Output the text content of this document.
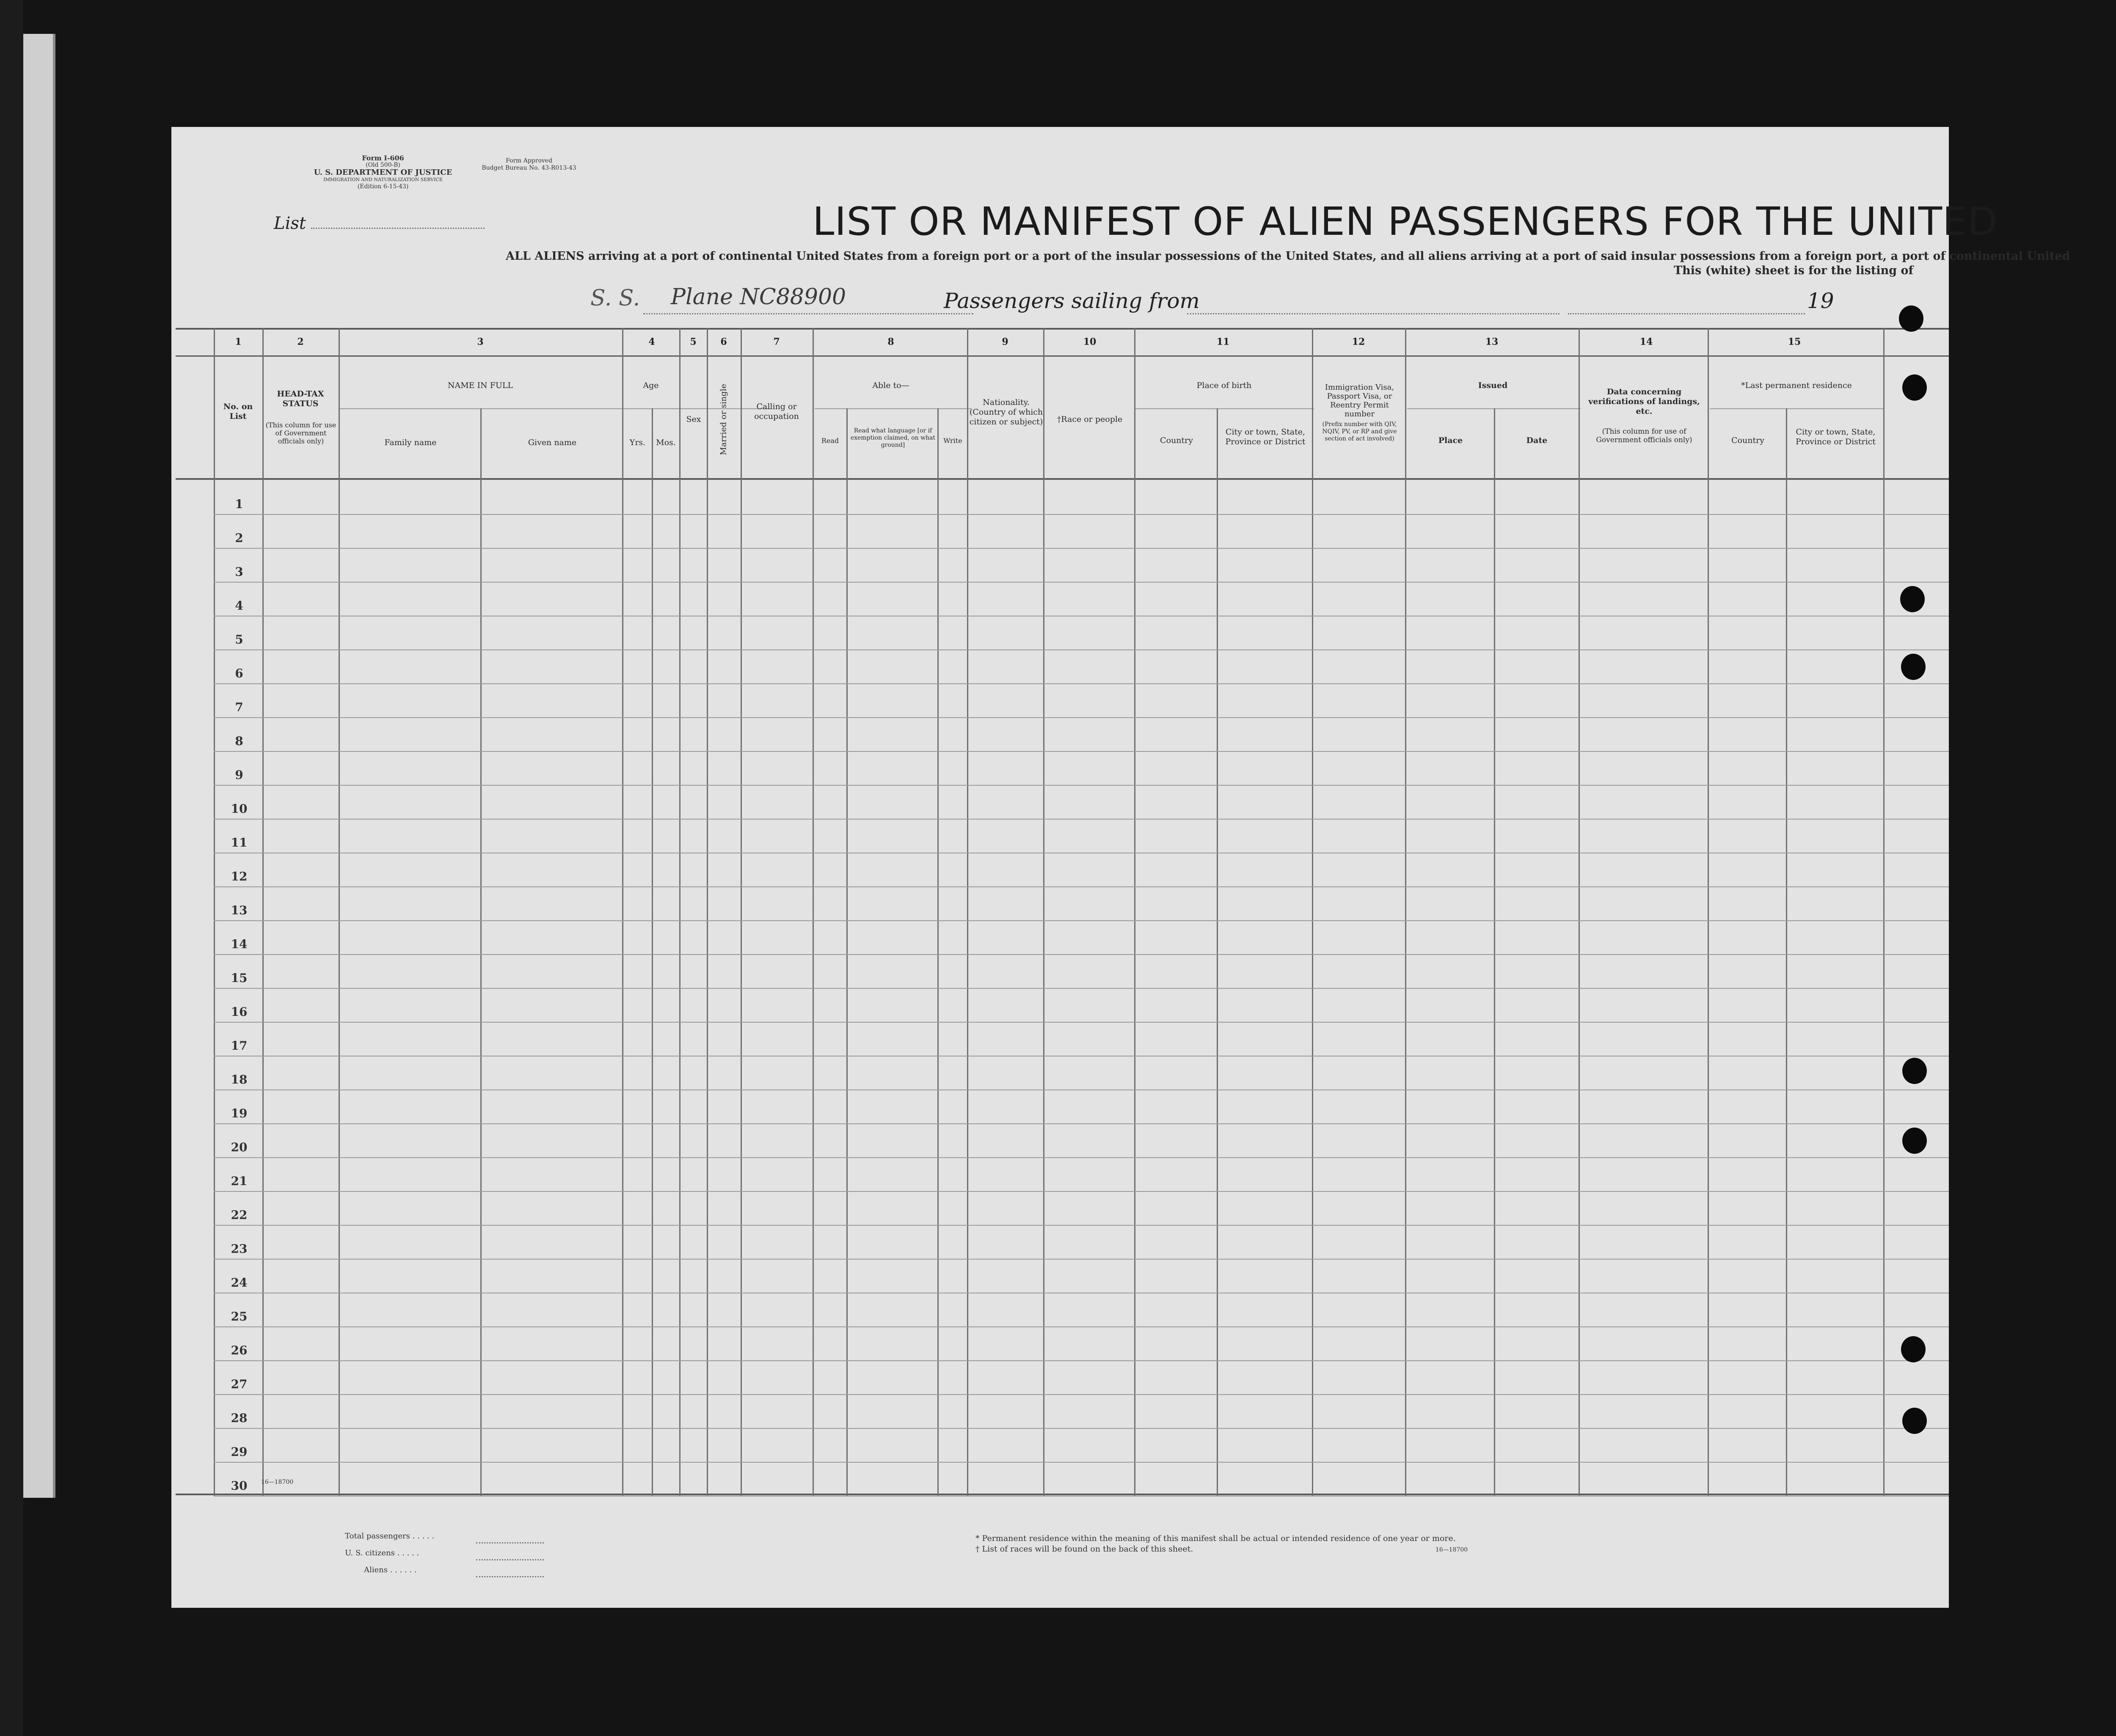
Form I-606
(Old 500-B)
U. S. DEPARTMENT OF JUSTICE
IMMIGRATION AND NATURALIZATION SERVICE
(Edition 6-15-43)
Form Approved
Budget Bureau No. 43-R013-43
List	LIST OR MANIFEST OF ALIEN PASSENGERS FOR THE UNITED
ALL ALIENS arriving at a port of continental United States from a foreign port or a port of the insular possessions of the United States, and all aliens arriving at a port of said insular possessions from a foreign port, a port of continental United
This (white) sheet is for the listing of
S. S. Plane NC88900	Passengers sailing from	19
1	2	3	4	5	6	7	8	9	10	11	12	13	14	15
No. on List
HEAD-TAX STATUS
(This column for use of Government officials only)
NAME IN FULL
Family name	Given name
Age
Yrs.	Mos.
Sex	Married or single	Calling or occupation
Able to—
Read
Read what language [or if exemption claimed, on what ground]
Write
Nationality. (Country of which citizen or subject)	†Race or people
Place of birth
Country
City or town, State, Province or District
Immigration Visa, Passport Visa, or Reentry Permit number
(Prefix number with QIV, NQIV, PV, or RP and give section of act involved)
Issued
Place	Date
Data concerning verifications of landings, etc.
(This column for use of Government officials only)
*Last permanent residence
Country
City or town, State, Province or District
1
2
3
4
5
6
7
8
9
10
11
12
13
14
15
16
17
18
19
20
21
22
23
24
25
26
27
28
29
30	16—18700
Total passengers . . . . .
U. S. citizens . . . . .
Aliens . . . . . .
* Permanent residence within the meaning of this manifest shall be actual or intended residence of one year or more.
† List of races will be found on the back of this sheet.	16—18700
